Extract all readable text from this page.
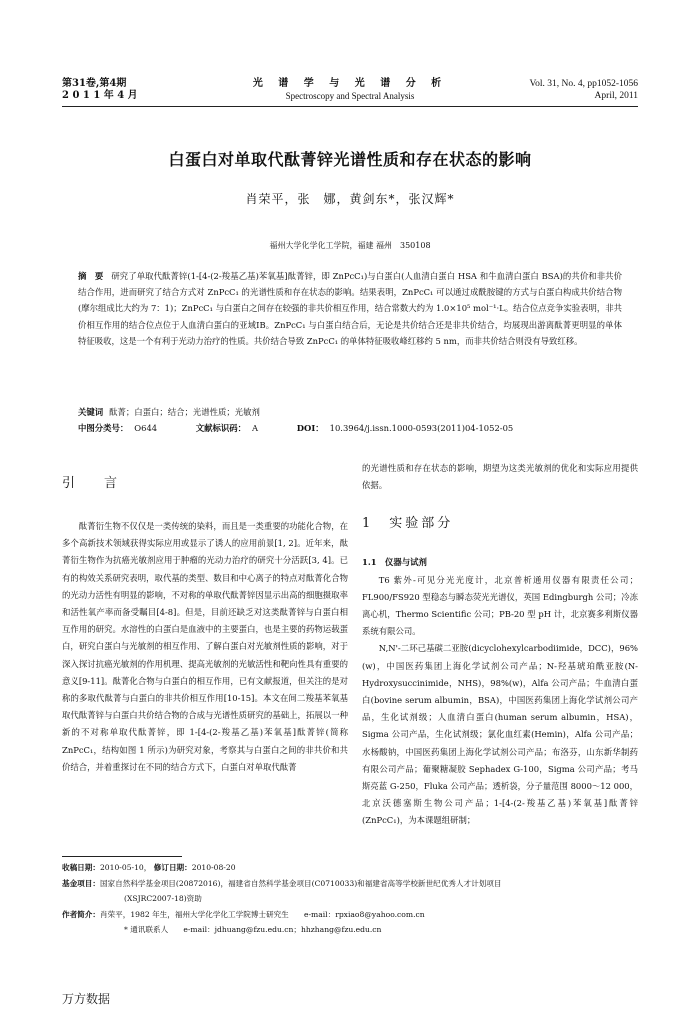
第31卷,第4期
2 0 1 1 年 4 月
光 谱 学 与 光 谱 分 析
Spectroscopy and Spectral Analysis
Vol. 31, No. 4, pp1052-1056
April, 2011
白蛋白对单取代酞菁锌光谱性质和存在状态的影响
肖荣平，张　娜，黄剑东*，张汉辉*
福州大学化学化工学院，福建 福州　350108
摘　要 研究了单取代酞菁锌(1-[4-(2-羧基乙基)苯氧基]酞菁锌，即 ZnPcC₁)与白蛋白(人血清白蛋白 HSA 和牛血清白蛋白 BSA)的共价和非共价结合作用，进而研究了结合方式对 ZnPcC₁ 的光谱性质和存在状态的影响。结果表明，ZnPcC₁ 可以通过成酰胺键的方式与白蛋白构成共价结合物(摩尔组成比大约为 7：1)；ZnPcC₁ 与白蛋白之间存在较强的非共价相互作用，结合常数大约为 1.0×10⁵ mol⁻¹·L。结合位点竞争实验表明，非共价相互作用的结合位点位于人血清白蛋白的亚域ⅠB。ZnPcC₁ 与白蛋白结合后，无论是共价结合还是非共价结合，均展现出游离酞菁更明显的单体特征吸收，这是一个有利于光动力治疗的性质。共价结合导致 ZnPcC₁ 的单体特征吸收峰红移约 5 nm，而非共价结合则没有导致红移。
关键词 酞菁；白蛋白；结合；光谱性质；光敏剂
中图分类号： O644	文献标识码： A	DOI： 10.3964/j.issn.1000-0593(2011)04-1052-05
引　言

酞菁衍生物不仅仅是一类传统的染料，而且是一类重要的功能化合物，在多个高新技术领域获得实际应用或显示了诱人的应用前景[1, 2]。近年来，酞菁衍生物作为抗癌光敏剂应用于肿瘤的光动力治疗的研究十分活跃[3, 4]。已有的构效关系研究表明，取代基的类型、数目和中心离子的特点对酞菁化合物的光动力活性有明显的影响，不对称的单取代酞菁锌因显示出高的细胞摄取率和活性氧产率而备受瞩目[4-8]。但是，目前还缺乏对这类酞菁锌与白蛋白相互作用的研究。水溶性的白蛋白是血液中的主要蛋白，也是主要的药物运载蛋白，研究白蛋白与光敏剂的相互作用、了解白蛋白对光敏剂性质的影响，对于深入探讨抗癌光敏剂的作用机理、提高光敏剂的光敏活性和靶向性具有重要的意义[9-11]。酞菁化合物与白蛋白的相互作用，已有文献报道，但关注的是对称的多取代酞菁与白蛋白的非共价相互作用[10-15]。本文在间二羧基苯氧基取代酞菁锌与白蛋白共价结合物的合成与光谱性质研究的基础上，拓展以一种新的不对称单取代酞菁锌，即 1-[4-(2-羧基乙基)苯氧基]酞菁锌(简称 ZnPcC₁，结构如图 1 所示)为研究对象，考察其与白蛋白之间的非共价和共价结合，并着重探讨在不同的结合方式下，白蛋白对单取代酞菁

的光谱性质和存在状态的影响，期望为这类光敏剂的优化和实际应用提供依据。

1　实验部分
1.1　仪器与试剂

T6 紫外-可见分光光度计，北京普析通用仪器有限责任公司；FL900/FS920 型稳态与瞬态荧光光谱仪，英国 Edingburgh 公司；冷冻离心机，Thermo Scientific 公司；PB-20 型 pH 计，北京赛多利斯仪器系统有限公司。

N,N'-二环己基碳二亚胺(dicyclohexylcarbodiimide，DCC)，96%(w)，中国医药集团上海化学试剂公司产品；N-羟基琥珀酰亚胺(N-Hydroxysuccinimide，NHS)，98%(w)，Alfa 公司产品；牛血清白蛋白(bovine serum albumin，BSA)，中国医药集团上海化学试剂公司产品，生化试剂级；人血清白蛋白(human serum albumin，HSA)，Sigma 公司产品，生化试剂级；氯化血红素(Hemin)，Alfa 公司产品；水杨酸钠，中国医药集团上海化学试剂公司产品；布洛芬，山东新华制药有限公司产品；葡聚糖凝胶 Sephadex G-100，Sigma 公司产品；考马斯亮蓝 G-250，Fluka 公司产品；透析袋，分子量范围 8000～12 000，北京沃德塞斯生物公司产品；1-[4-(2-羧基乙基)苯氧基]酞菁锌(ZnPcC₁)，为本课题组研制；

收稿日期：2010-05-10， 修订日期：2010-08-20
基金项目：国家自然科学基金项目(20872016)，福建省自然科学基金项目(C0710033)和福建省高等学校新世纪优秀人才计划项目
(XSJRC2007-18)资助
作者简介：肖荣平，1982 年生，福州大学化学化工学院博士研究生　　e-mail：rpxiao8@yahoo.com.cn
* 通讯联系人　　e-mail：jdhuang@fzu.edu.cn；hhzhang@fzu.edu.cn
万方数据
